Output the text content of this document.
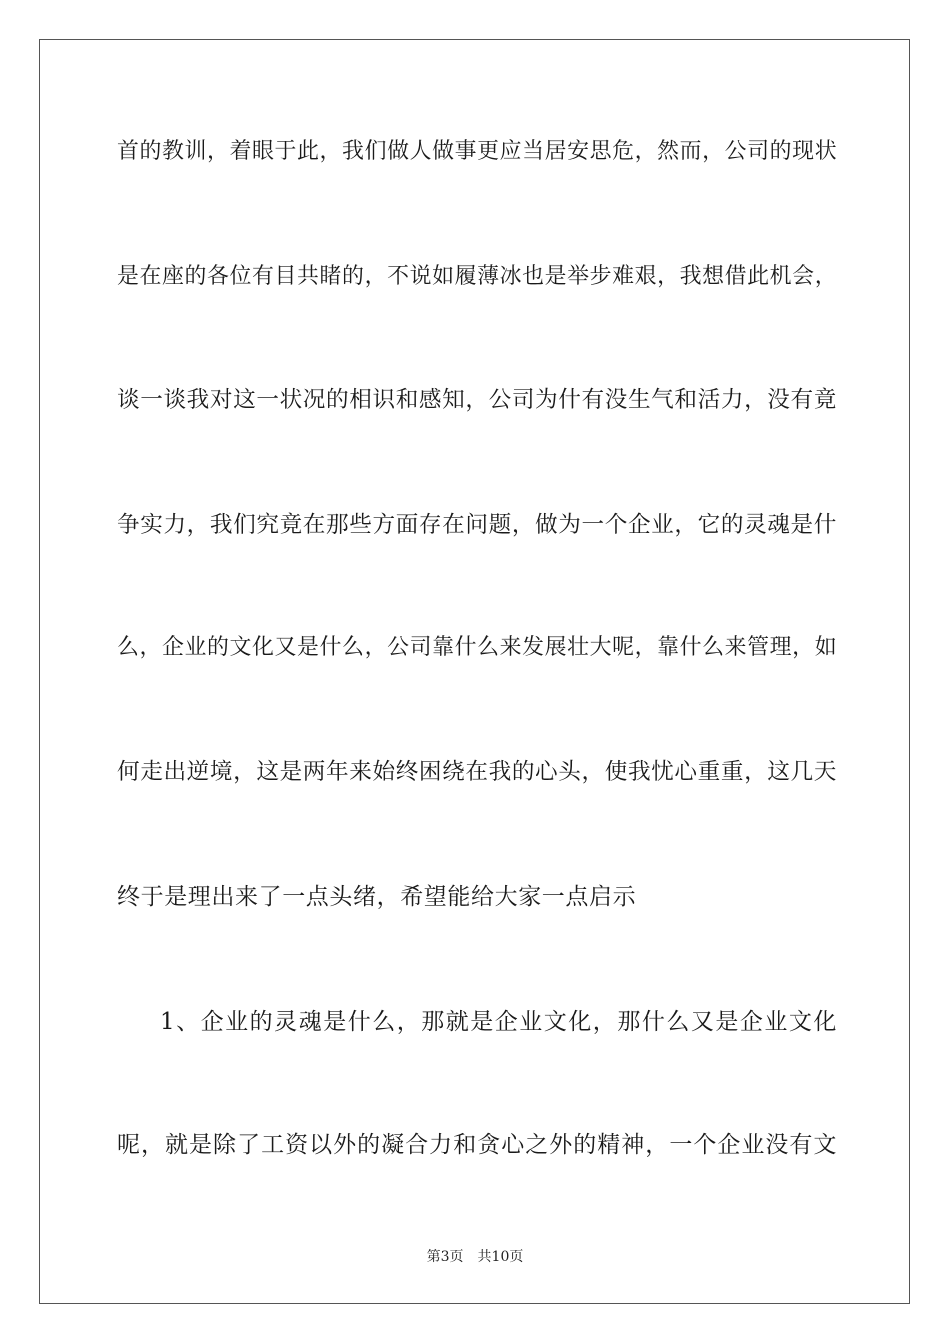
首的教训，着眼于此，我们做人做事更应当居安思危，然而，公司的现状
是在座的各位有目共睹的，不说如履薄冰也是举步难艰，我想借此机会，
谈一谈我对这一状况的相识和感知，公司为什有没生气和活力，没有竟
争实力，我们究竟在那些方面存在问题，做为一个企业，它的灵魂是什
么，企业的文化又是什么，公司靠什么来发展壮大呢，靠什么来管理，如
何走出逆境，这是两年来始终困绕在我的心头，使我忧心重重，这几天
终于是理出来了一点头绪，希望能给大家一点启示
1、企业的灵魂是什么，那就是企业文化，那什么又是企业文化
呢，就是除了工资以外的凝合力和贪心之外的精神，一个企业没有文
第3页 共10页
